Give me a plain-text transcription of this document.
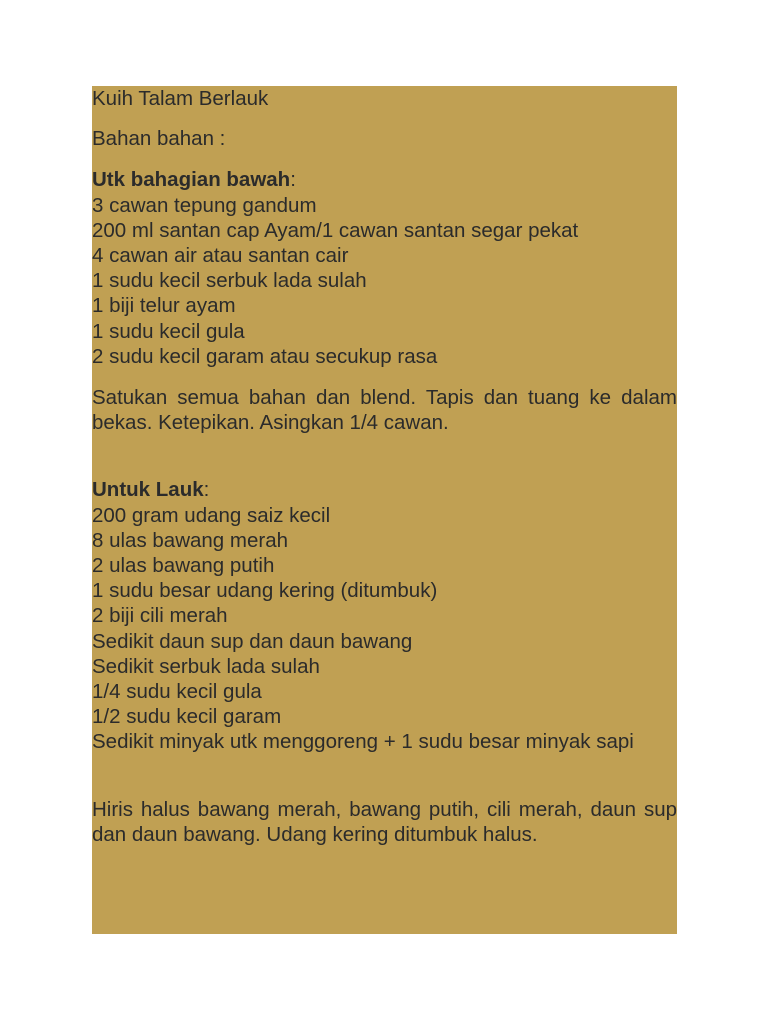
Kuih Talam Berlauk

Bahan bahan :

Utk bahagian bawah:

3 cawan tepung gandum

200 ml santan cap Ayam/1 cawan santan segar pekat

4 cawan air atau santan cair

1 sudu kecil serbuk lada sulah

1 biji telur ayam

1 sudu kecil gula

2 sudu kecil garam atau secukup rasa

Satukan semua bahan dan blend. Tapis dan tuang ke dalam bekas. Ketepikan. Asingkan 1/4 cawan.

Untuk Lauk:

200 gram udang saiz kecil

8 ulas bawang merah

2 ulas bawang putih

1 sudu besar udang kering (ditumbuk)

2 biji cili merah

Sedikit daun sup dan daun bawang

Sedikit serbuk lada sulah

1/4 sudu kecil gula

1/2 sudu kecil garam

Sedikit minyak utk menggoreng + 1 sudu besar minyak sapi

Hiris halus bawang merah, bawang putih, cili merah, daun sup dan daun bawang. Udang kering ditumbuk halus.
